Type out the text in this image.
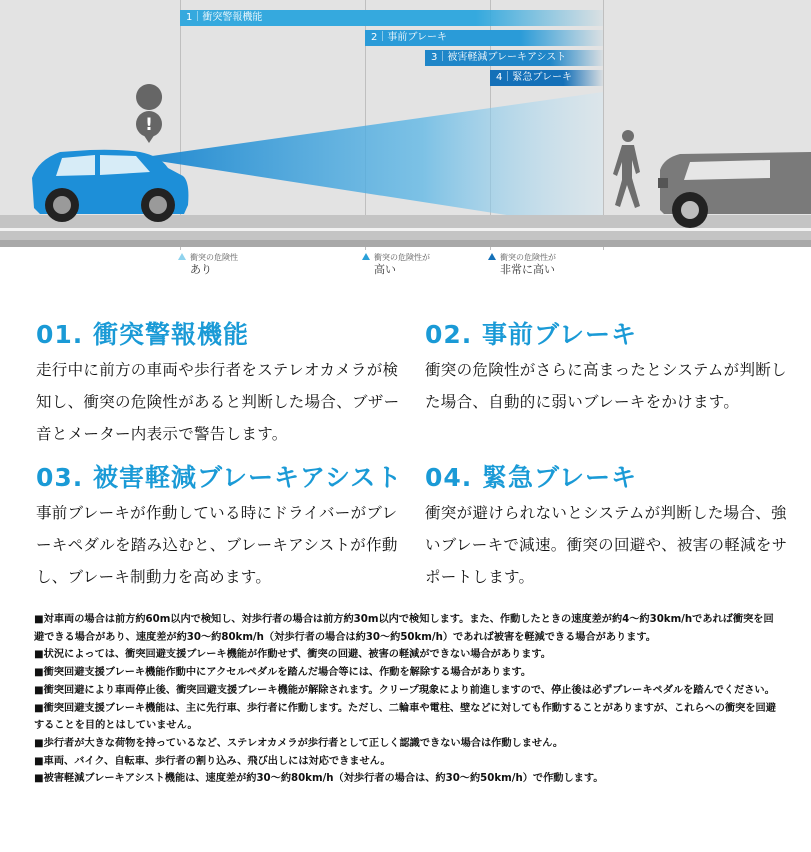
1｜衝突警報機能
2｜事前ブレーキ
3｜被害軽減ブレーキアシスト
4｜緊急ブレーキ
!
衝突の危険性
あり
衝突の危険性が
高い
衝突の危険性が
非常に高い
01. 衝突警報機能
走行中に前方の車両や歩行者をステレオカメラが検知し、衝突の危険性があると判断した場合、ブザー音とメーター内表示で警告します。
02. 事前ブレーキ
衝突の危険性がさらに高まったとシステムが判断した場合、自動的に弱いブレーキをかけます。
03. 被害軽減ブレーキアシスト
事前ブレーキが作動している時にドライバーがブレーキペダルを踏み込むと、ブレーキアシストが作動し、ブレーキ制動力を高めます。
04. 緊急ブレーキ
衝突が避けられないとシステムが判断した場合、強いブレーキで減速。衝突の回避や、被害の軽減をサポートします。
■ 対車両の場合は前方約60m以内で検知し、対歩行者の場合は前方約30m以内で検知します。また、作動したときの速度差が約4〜約30km/hであれば衝突を回避できる場合があり、速度差が約30〜約80km/h（対歩行者の場合は約30〜約50km/h）であれば被害を軽減できる場合があります。
■ 状況によっては、衝突回避支援ブレーキ機能が作動せず、衝突の回避、被害の軽減ができない場合があります。
■ 衝突回避支援ブレーキ機能作動中にアクセルペダルを踏んだ場合等には、作動を解除する場合があります。
■ 衝突回避により車両停止後、衝突回避支援ブレーキ機能が解除されます。クリープ現象により前進しますので、停止後は必ずブレーキペダルを踏んでください。
■ 衝突回避支援ブレーキ機能は、主に先行車、歩行者に作動します。ただし、二輪車や電柱、壁などに対しても作動することがありますが、これらへの衝突を回避することを目的とはしていません。
■ 歩行者が大きな荷物を持っているなど、ステレオカメラが歩行者として正しく認識できない場合は作動しません。
■ 車両、バイク、自転車、歩行者の割り込み、飛び出しには対応できません。
■ 被害軽減ブレーキアシスト機能は、速度差が約30〜約80km/h（対歩行者の場合は、約30〜約50km/h）で作動します。
